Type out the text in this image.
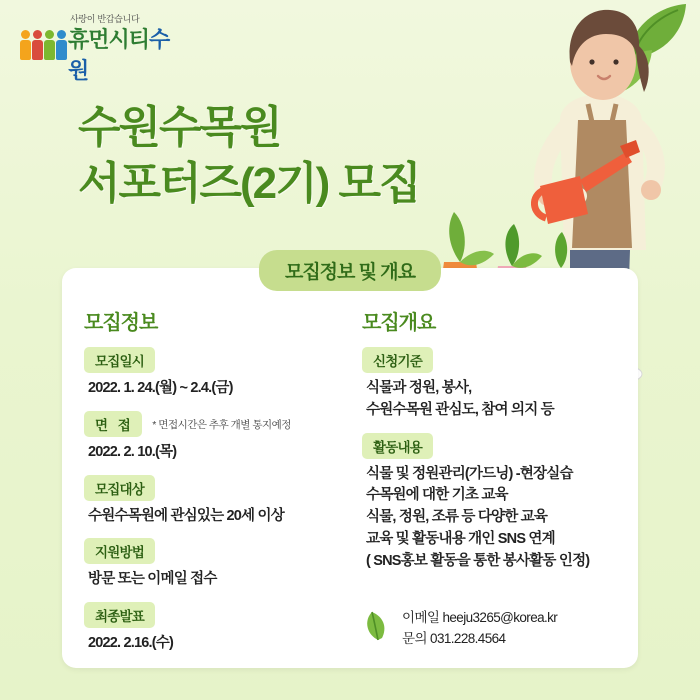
사랑이 반갑습니다
휴먼시티수원
수원수목원
서포터즈(2기) 모집
모집정보 및 개요
모집정보
모집일시
2022. 1. 24.(월) ~ 2.4.(금)
면 접 * 면접시간은 추후 개별 통지예정
2022. 2. 10.(목)
모집대상
수원수목원에 관심있는 20세 이상
지원방법
방문 또는 이메일 접수
최종발표
2022. 2.16.(수)
모집개요
신청기준
식물과 정원, 봉사,
수원수목원 관심도, 참여 의지 등
활동내용
식물 및 정원관리(가드닝) -현장실습
수목원에 대한 기초 교육
식물, 정원, 조류 등 다양한 교육
교육 및 활동내용 개인 SNS 연계
( SNS홍보 활동을 통한 봉사활동 인정)
이메일 heeju3265@korea.kr
문의 031.228.4564
